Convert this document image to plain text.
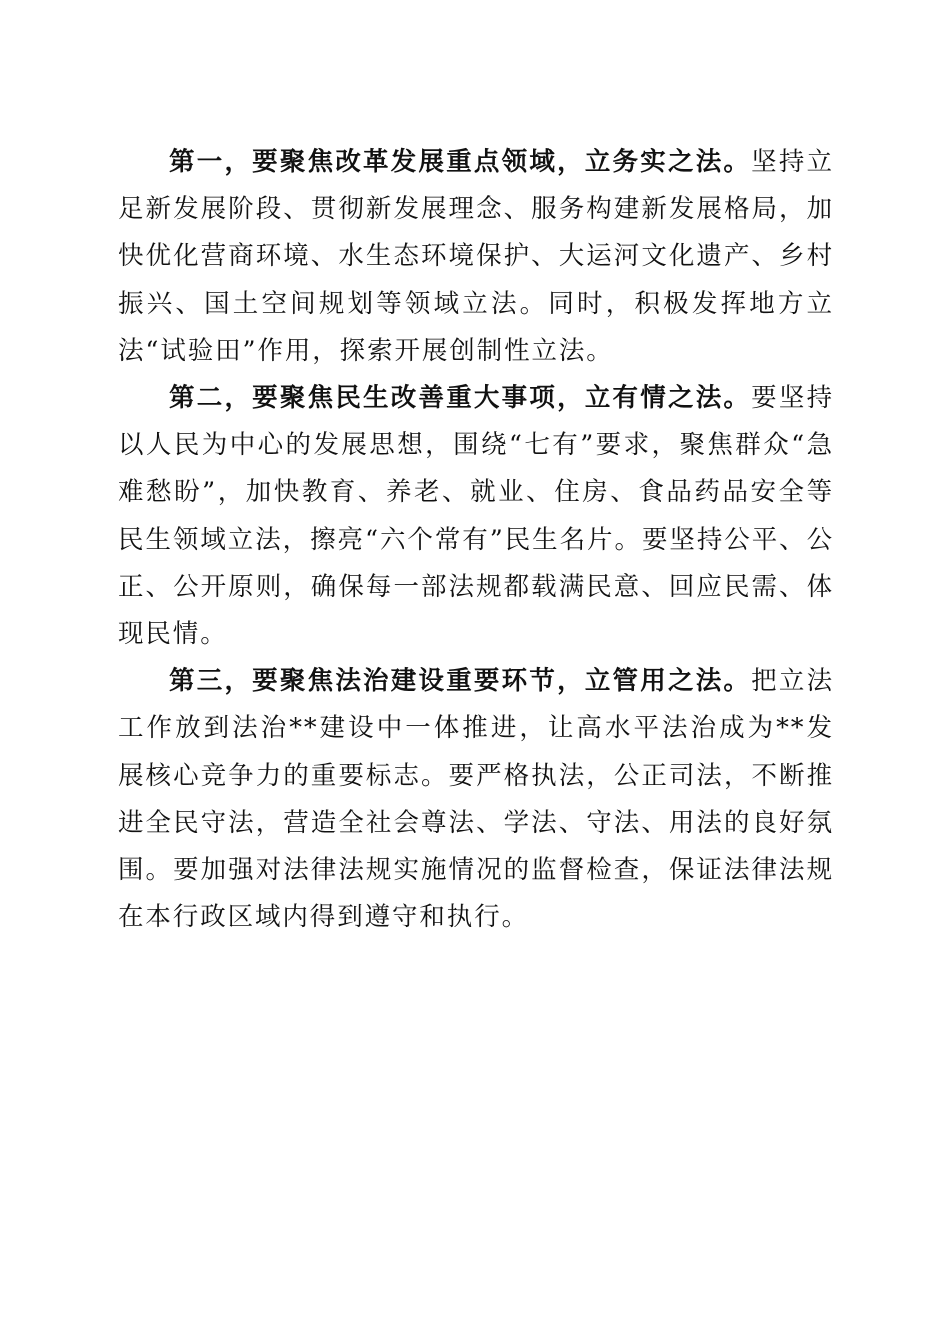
第一，要聚焦改革发展重点领域，立务实之法。坚持立足新发展阶段、贯彻新发展理念、服务构建新发展格局，加快优化营商环境、水生态环境保护、大运河文化遗产、乡村振兴、国土空间规划等领域立法。同时，积极发挥地方立法“试验田”作用，探索开展创制性立法。

第二，要聚焦民生改善重大事项，立有情之法。要坚持以人民为中心的发展思想，围绕“七有”要求，聚焦群众“急难愁盼”，加快教育、养老、就业、住房、食品药品安全等民生领域立法，擦亮“六个常有”民生名片。要坚持公平、公正、公开原则，确保每一部法规都载满民意、回应民需、体现民情。

第三，要聚焦法治建设重要环节，立管用之法。把立法工作放到法治**建设中一体推进，让高水平法治成为**发展核心竞争力的重要标志。要严格执法，公正司法，不断推进全民守法，营造全社会尊法、学法、守法、用法的良好氛围。要加强对法律法规实施情况的监督检查，保证法律法规在本行政区域内得到遵守和执行。
